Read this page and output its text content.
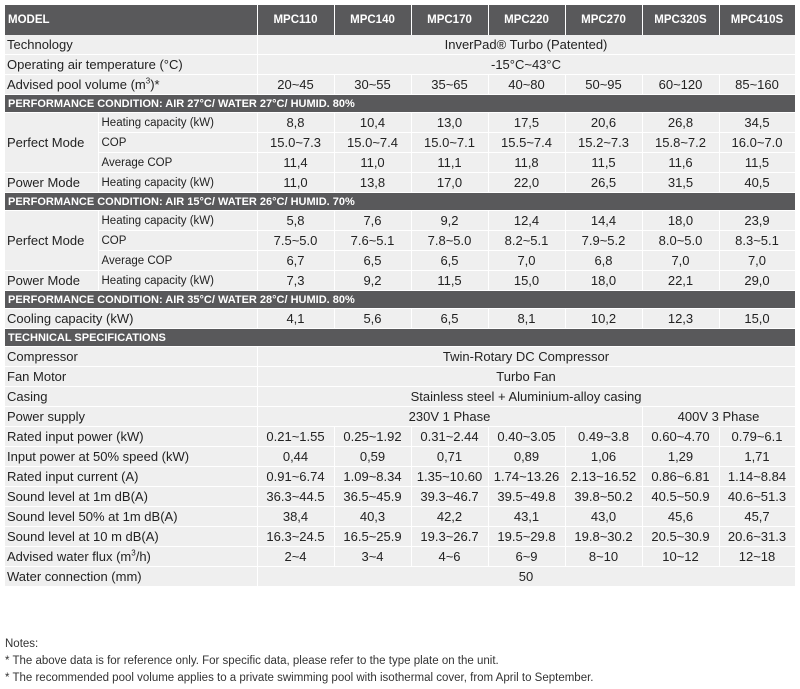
MODEL		MPC110	MPC140	MPC170	MPC220	MPC270	MPC320S	MPC410S
Technology		InverPad® Turbo (Patented)						
Operating air temperature (°C)		-15°C~43°C						
Advised pool volume $(m^3)*$		20~45	30~55	35~65	40~80	50~95	60~120	85~160
PERFORMANCE CONDITION: AIR 27°C/ WATER 27°C/ HUMID. 80%								
Perfect Mode	Heating capacity (kW)	8,8	10,4	13,0	17,5	20,6	26,8	34,5
	COP	15.0~7.3	15.0~7.4	15.0~7.1	15.5~7.4	15.2~7.3	15.8~7.2	16.0~7.0
	Average COP	11,4	11,0	11,1	11,8	11,5	11,6	11,5
Power Mode	Heating capacity (kW)	11,0	13,8	17,0	22,0	26,5	31,5	40,5
PERFORMANCE CONDITION: AIR 15°C/ WATER 26°C/ HUMID. 70%								
Perfect Mode	Heating capacity (kW)	5,8	7,6	9,2	12,4	14,4	18,0	23,9
	COP	7.5~5.0	7.6~5.1	7.8~5.0	8.2~5.1	7.9~5.2	8.0~5.0	8.3~5.1
	Average COP	6,7	6,5	6,5	7,0	6,8	7,0	7,0
Power Mode	Heating capacity (kW)	7,3	9,2	11,5	15,0	18,0	22,1	29,0
PERFORMANCE CONDITION: AIR 35°C/ WATER 28°C/ HUMID. 80%								
Cooling capacity (kW)		4,1	5,6	6,5	8,1	10,2	12,3	15,0
TECHNICAL SPECIFICATIONS								
Compressor		Twin-Rotary DC Compressor						
Fan Motor		Turbo Fan						
Casing		Stainless steel + Aluminium-alloy casing						
Power supply		230V 1 Phase					400V 3 Phase	
Rated input power (kW)		0.21~1.55	0.25~1.92	0.31~2.44	0.40~3.05	0.49~3.8	0.60~4.70	0.79~6.1
Input power at 50% speed (kW)		0,44	0,59	0,71	0,89	1,06	1,29	1,71
Rated input current (A)		0.91~6.74	1.09~8.34	1.35~10.60	1.74~13.26	2.13~16.52	0.86~6.81	1.14~8.84
Sound level at 1m dB(A)		36.3~44.5	36.5~45.9	39.3~46.7	39.5~49.8	39.8~50.2	40.5~50.9	40.6~51.3
Sound level 50% at 1m dB(A)		38,4	40,3	42,2	43,1	43,0	45,6	45,7
Sound level at 10 m dB(A)		16.3~24.5	16.5~25.9	19.3~26.7	19.5~29.8	19.8~30.2	20.5~30.9	20.6~31.3
Advised water flux $(m^3/h)$		2~4	3~4	4~6	6~9	8~10	10~12	12~18
Water connection (mm)		50						
Notes:
* The above data is for reference only. For specific data, please refer to the type plate on the unit.
* The recommended pool volume applies to a private swimming pool with isothermal cover, from April to September.
